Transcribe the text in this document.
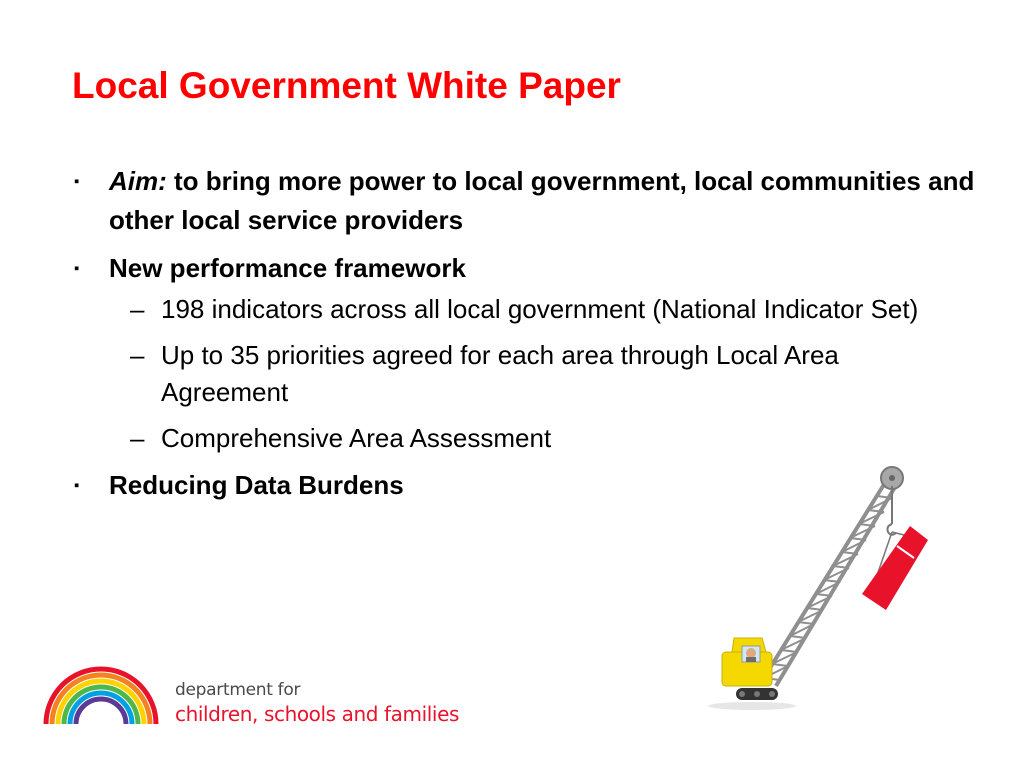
Local Government White Paper
▪ Aim: to bring more power to local government, local communities and other local service providers
▪ New performance framework
– 198 indicators across all local government (National Indicator Set)
– Up to 35 priorities agreed for each area through Local Area Agreement
– Comprehensive Area Assessment
▪ Reducing Data Burdens
department for
children, schools and families
